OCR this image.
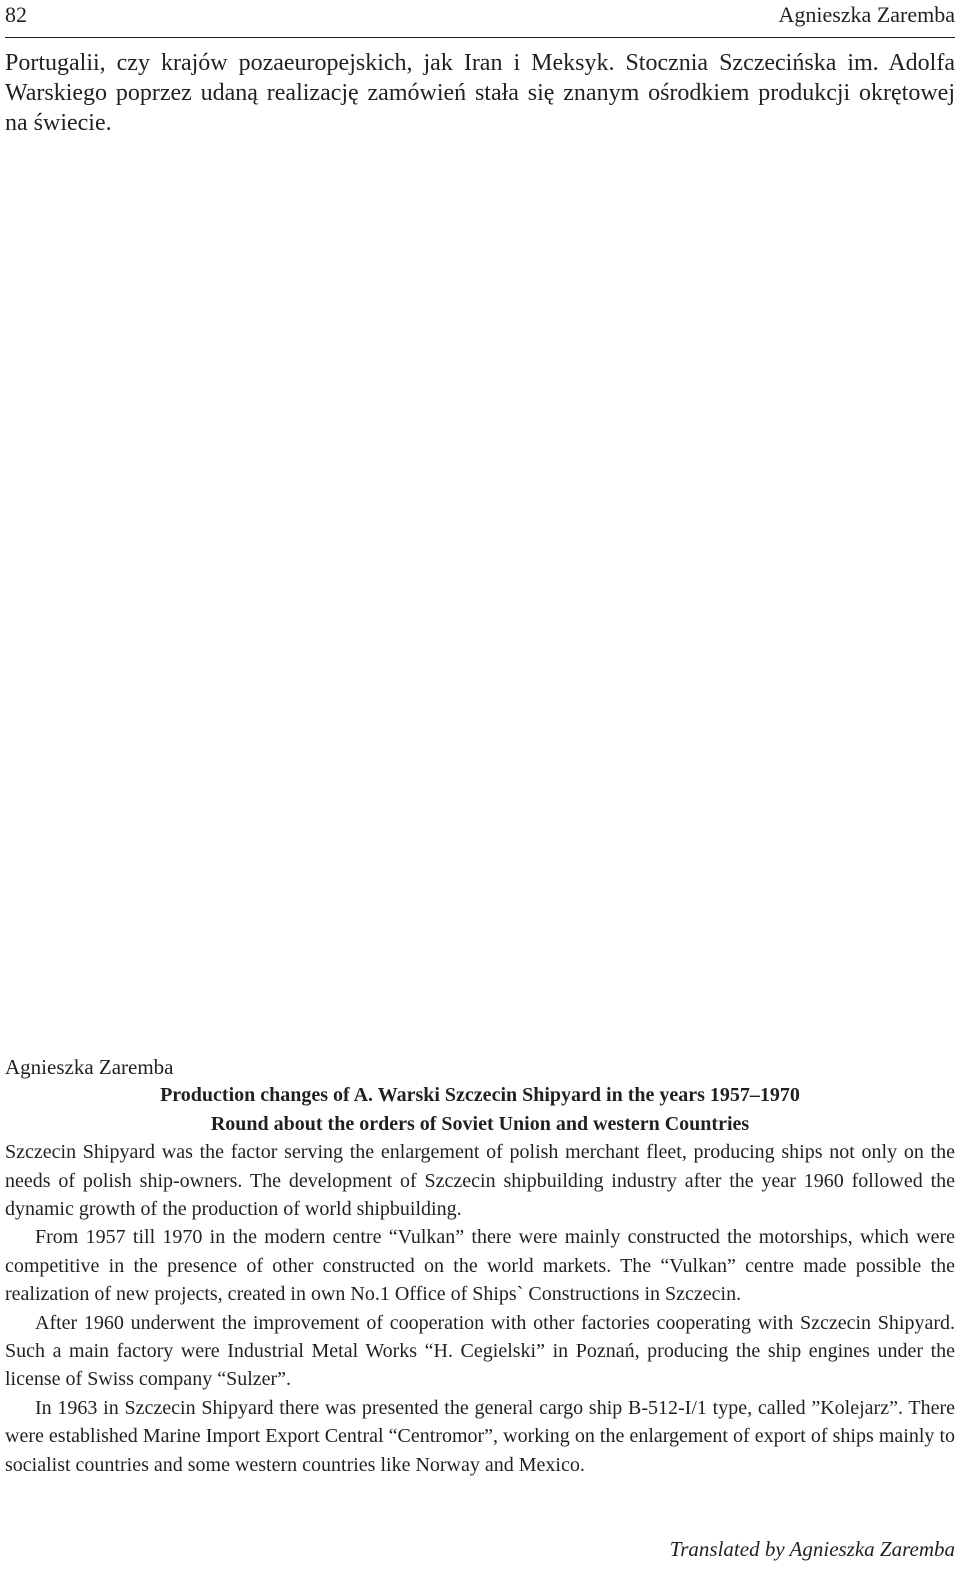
82	Agnieszka Zaremba
Portugalii, czy krajów pozaeuropejskich, jak Iran i Meksyk. Stocznia Szczecińska im. Adolfa Warskiego poprzez udaną realizację zamówień stała się znanym ośrodkiem produkcji okrętowej na świecie.

Agnieszka Zaremba

Production changes of A. Warski Szczecin Shipyard in the years 1957–1970

Round about the orders of Soviet Union and western Countries

Szczecin Shipyard was the factor serving the enlargement of polish merchant fleet, producing ships not only on the needs of polish ship-owners. The development of Szczecin shipbuilding industry after the year 1960 followed the dynamic growth of the production of world shipbuilding.

From 1957 till 1970 in the modern centre “Vulkan” there were mainly constructed the motorships, which were competitive in the presence of other constructed on the world markets. The “Vulkan” centre made possible the realization of new projects, created in own No.1 Office of Ships` Constructions in Szczecin.

After 1960 underwent the improvement of cooperation with other factories cooperating with Szczecin Shipyard. Such a main factory were Industrial Metal Works “H. Cegielski” in Poznań, producing the ship engines under the license of Swiss company “Sulzer”.

In 1963 in Szczecin Shipyard there was presented the general cargo ship B-512-I/1 type, called ”Kolejarz”. There were established Marine Import Export Central “Centromor”, working on the enlargement of export of ships mainly to socialist countries and some western countries like Norway and Mexico.

Translated by Agnieszka Zaremba
